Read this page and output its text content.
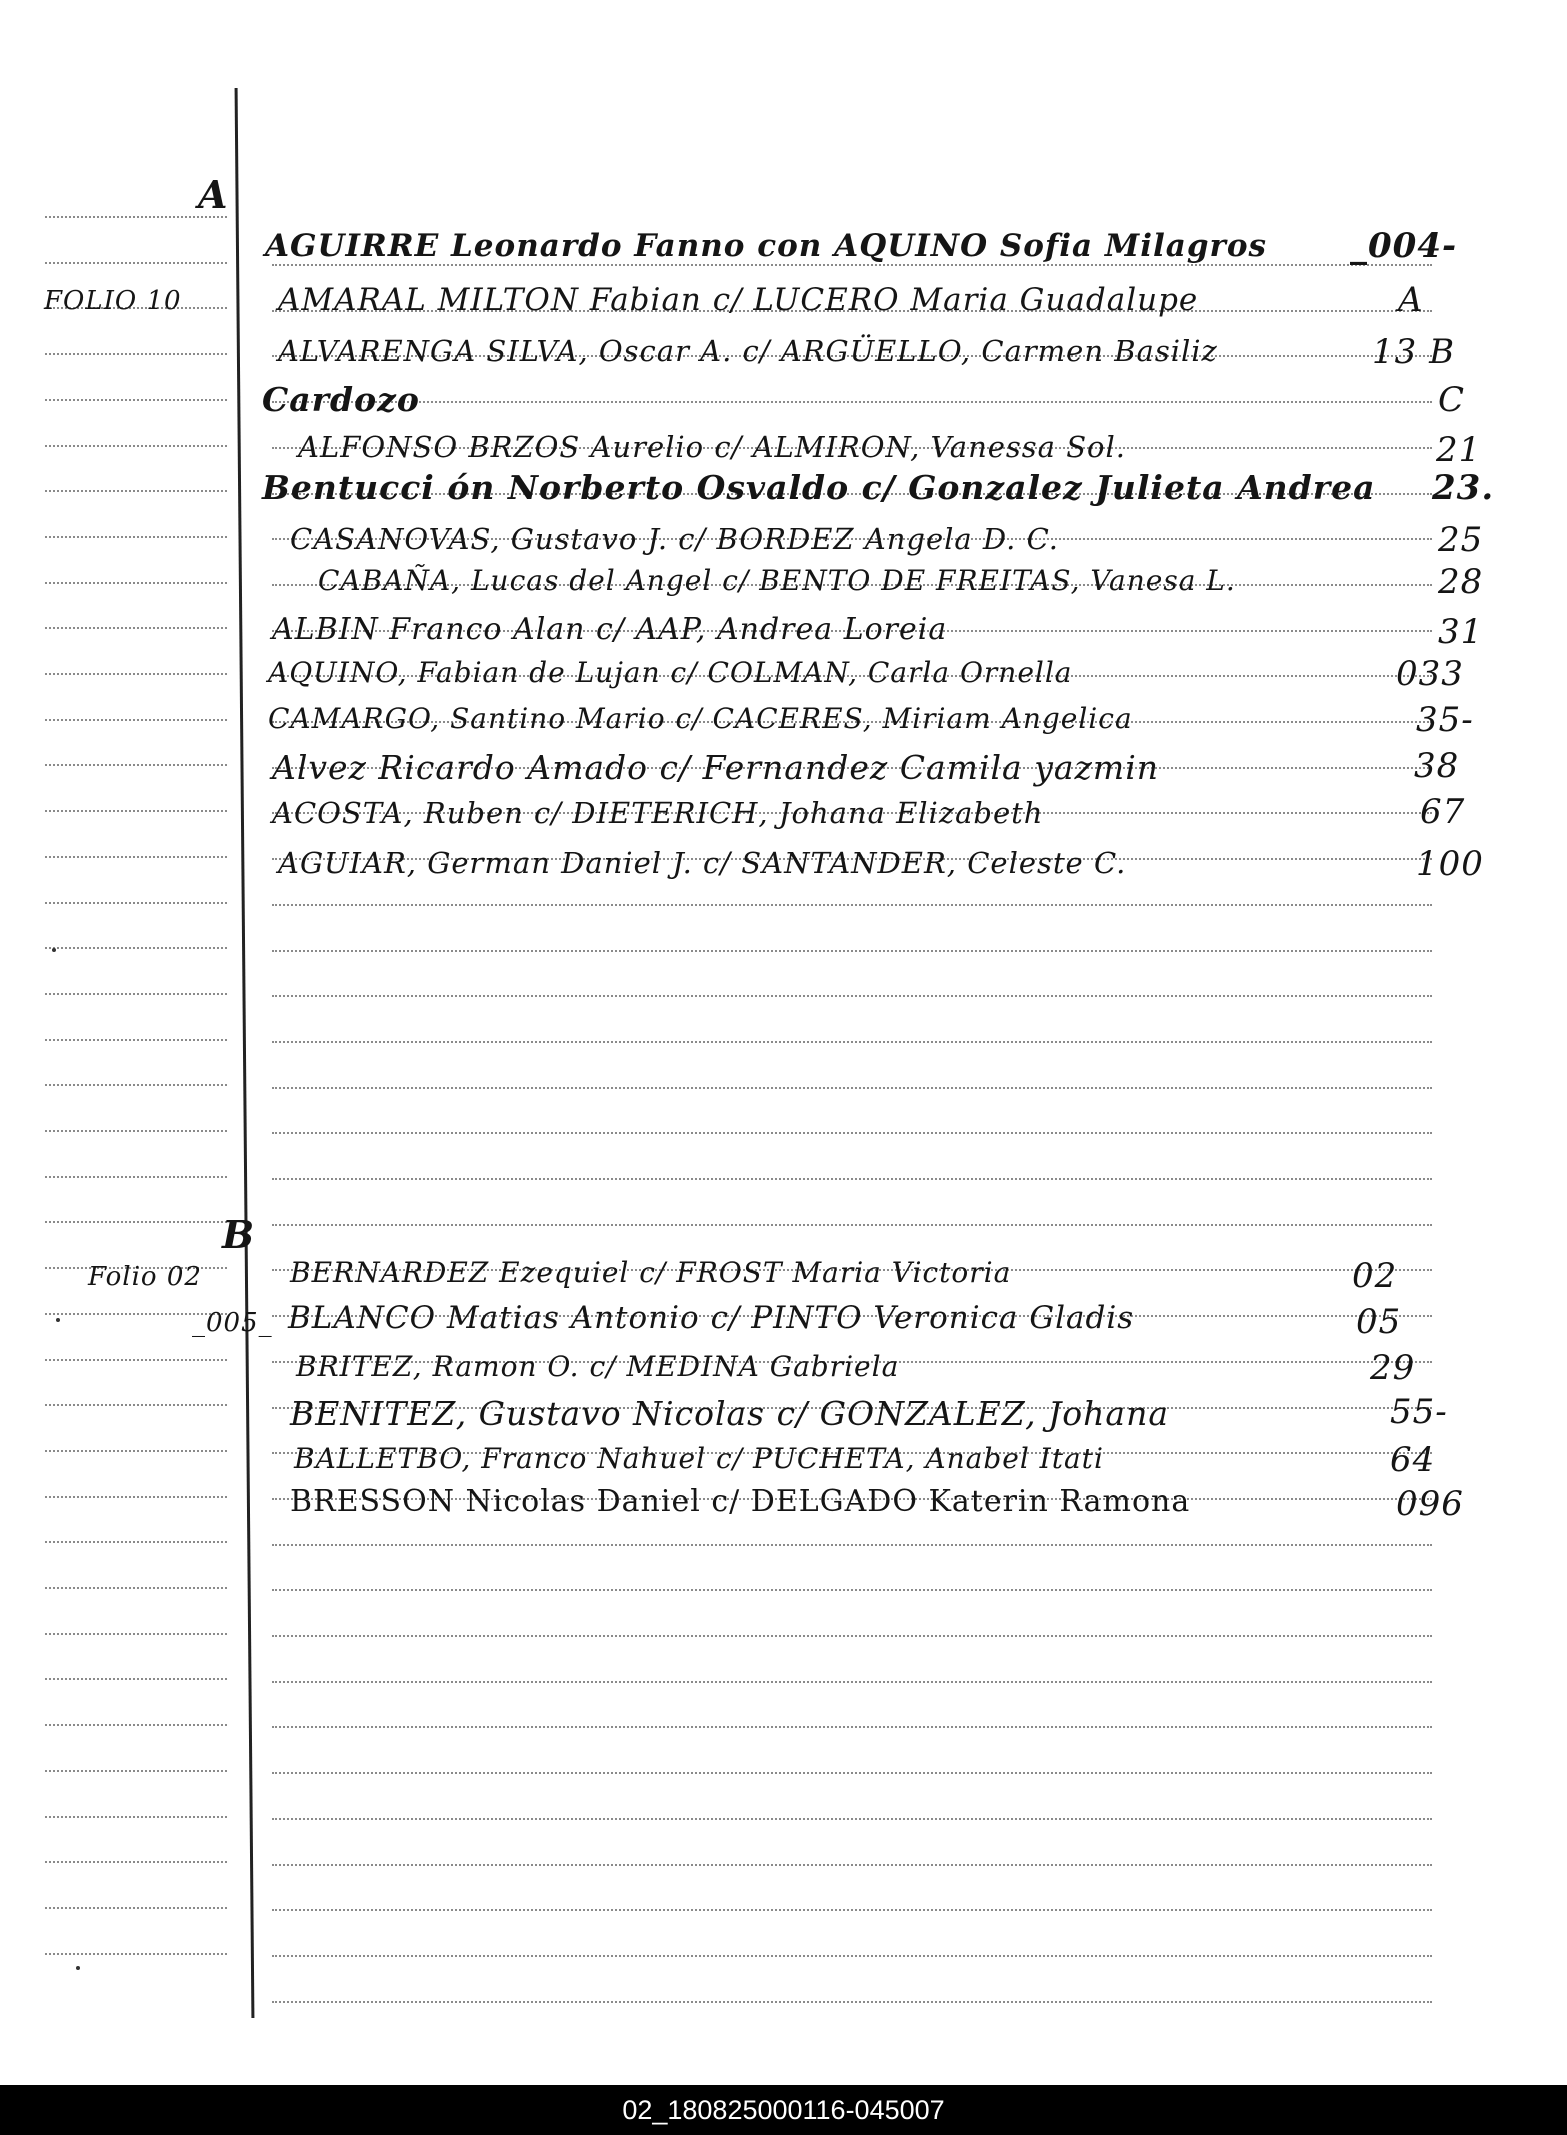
A
FOLIO 10
AGUIRRE Leonardo Fanno con AQUINO Sofia Milagros _004-
AMARAL MILTON Fabian c/ LUCERO Maria Guadalupe	A
ALVARENGA SILVA, Oscar A. c/ ARGÜELLO, Carmen Basiliz	13 B
Cardozo	C
ALFONSO BRZOS Aurelio c/ ALMIRON, Vanessa Sol.	21
Bentucci ón Norberto Osvaldo c/ Gonzalez Julieta Andrea 23.
CASANOVAS, Gustavo J. c/ BORDEZ Angela D. C.	25
CABAÑA, Lucas del Angel c/ BENTO DE FREITAS, Vanesa L.	28
ALBIN Franco Alan c/ AAP, Andrea Loreia	31
AQUINO, Fabian de Lujan c/ COLMAN, Carla Ornella	033
CAMARGO, Santino Mario c/ CACERES, Miriam Angelica	35-
Alvez Ricardo Amado c/ Fernandez Camila yazmin	38
ACOSTA, Ruben c/ DIETERICH, Johana Elizabeth	67
AGUIAR, German Daniel J. c/ SANTANDER, Celeste C.	100
B
Folio 02
_005_
BERNARDEZ Ezequiel c/ FROST Maria Victoria	02
BLANCO Matias Antonio c/ PINTO Veronica Gladis	05
BRITEZ, Ramon O. c/ MEDINA Gabriela	29
BENITEZ, Gustavo Nicolas c/ GONZALEZ, Johana	55-
BALLETBO, Franco Nahuel c/ PUCHETA, Anabel Itati	64
BRESSON Nicolas Daniel c/ DELGADO Katerin Ramona	096
02_180825000116-045007
